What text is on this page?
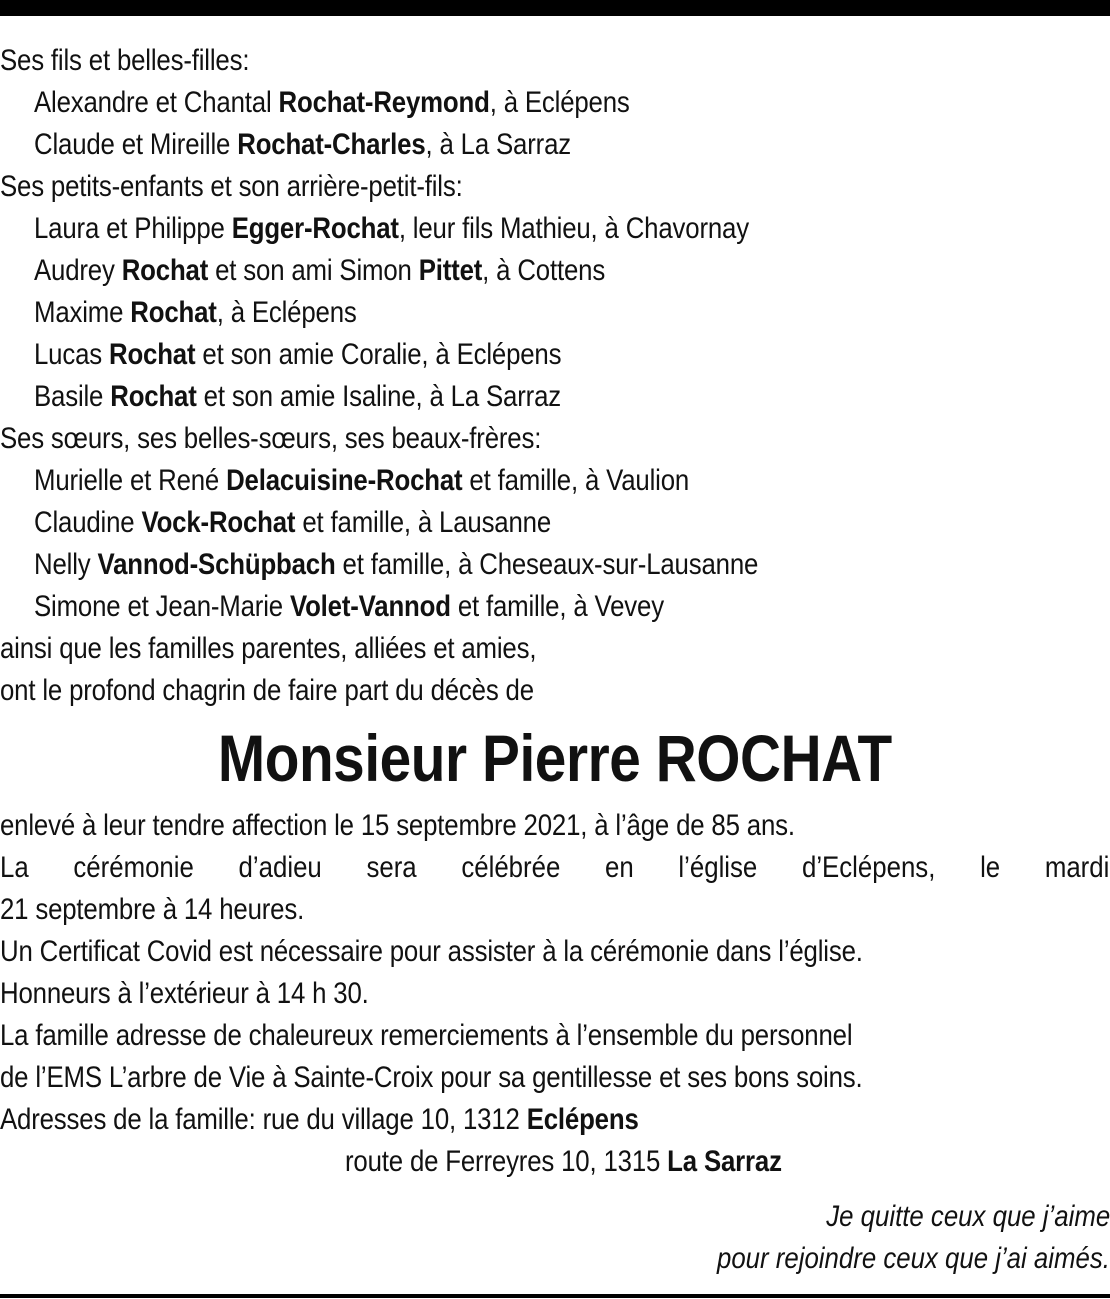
Ses fils et belles-filles:
Alexandre et Chantal Rochat-Reymond, à Eclépens
Claude et Mireille Rochat-Charles, à La Sarraz
Ses petits-enfants et son arrière-petit-fils:
Laura et Philippe Egger-Rochat, leur fils Mathieu, à Chavornay
Audrey Rochat et son ami Simon Pittet, à Cottens
Maxime Rochat, à Eclépens
Lucas Rochat et son amie Coralie, à Eclépens
Basile Rochat et son amie Isaline, à La Sarraz
Ses sœurs, ses belles-sœurs, ses beaux-frères:
Murielle et René Delacuisine-Rochat et famille, à Vaulion
Claudine Vock-Rochat et famille, à Lausanne
Nelly Vannod-Schüpbach et famille, à Cheseaux-sur-Lausanne
Simone et Jean-Marie Volet-Vannod et famille, à Vevey
ainsi que les familles parentes, alliées et amies,
ont le profond chagrin de faire part du décès de
Monsieur Pierre ROCHAT
enlevé à leur tendre affection le 15 septembre 2021, à l’âge de 85 ans.
La cérémonie d’adieu sera célébrée en l’église d’Eclépens, le mardi
21 septembre à 14 heures.
Un Certificat Covid est nécessaire pour assister à la cérémonie dans l’église.
Honneurs à l’extérieur à 14 h 30.
La famille adresse de chaleureux remerciements à l’ensemble du personnel
de l’EMS L’arbre de Vie à Sainte-Croix pour sa gentillesse et ses bons soins.
Adresses de la famille: rue du village 10, 1312 Eclépens
route de Ferreyres 10, 1315 La Sarraz
Je quitte ceux que j’aime
pour rejoindre ceux que j’ai aimés.
